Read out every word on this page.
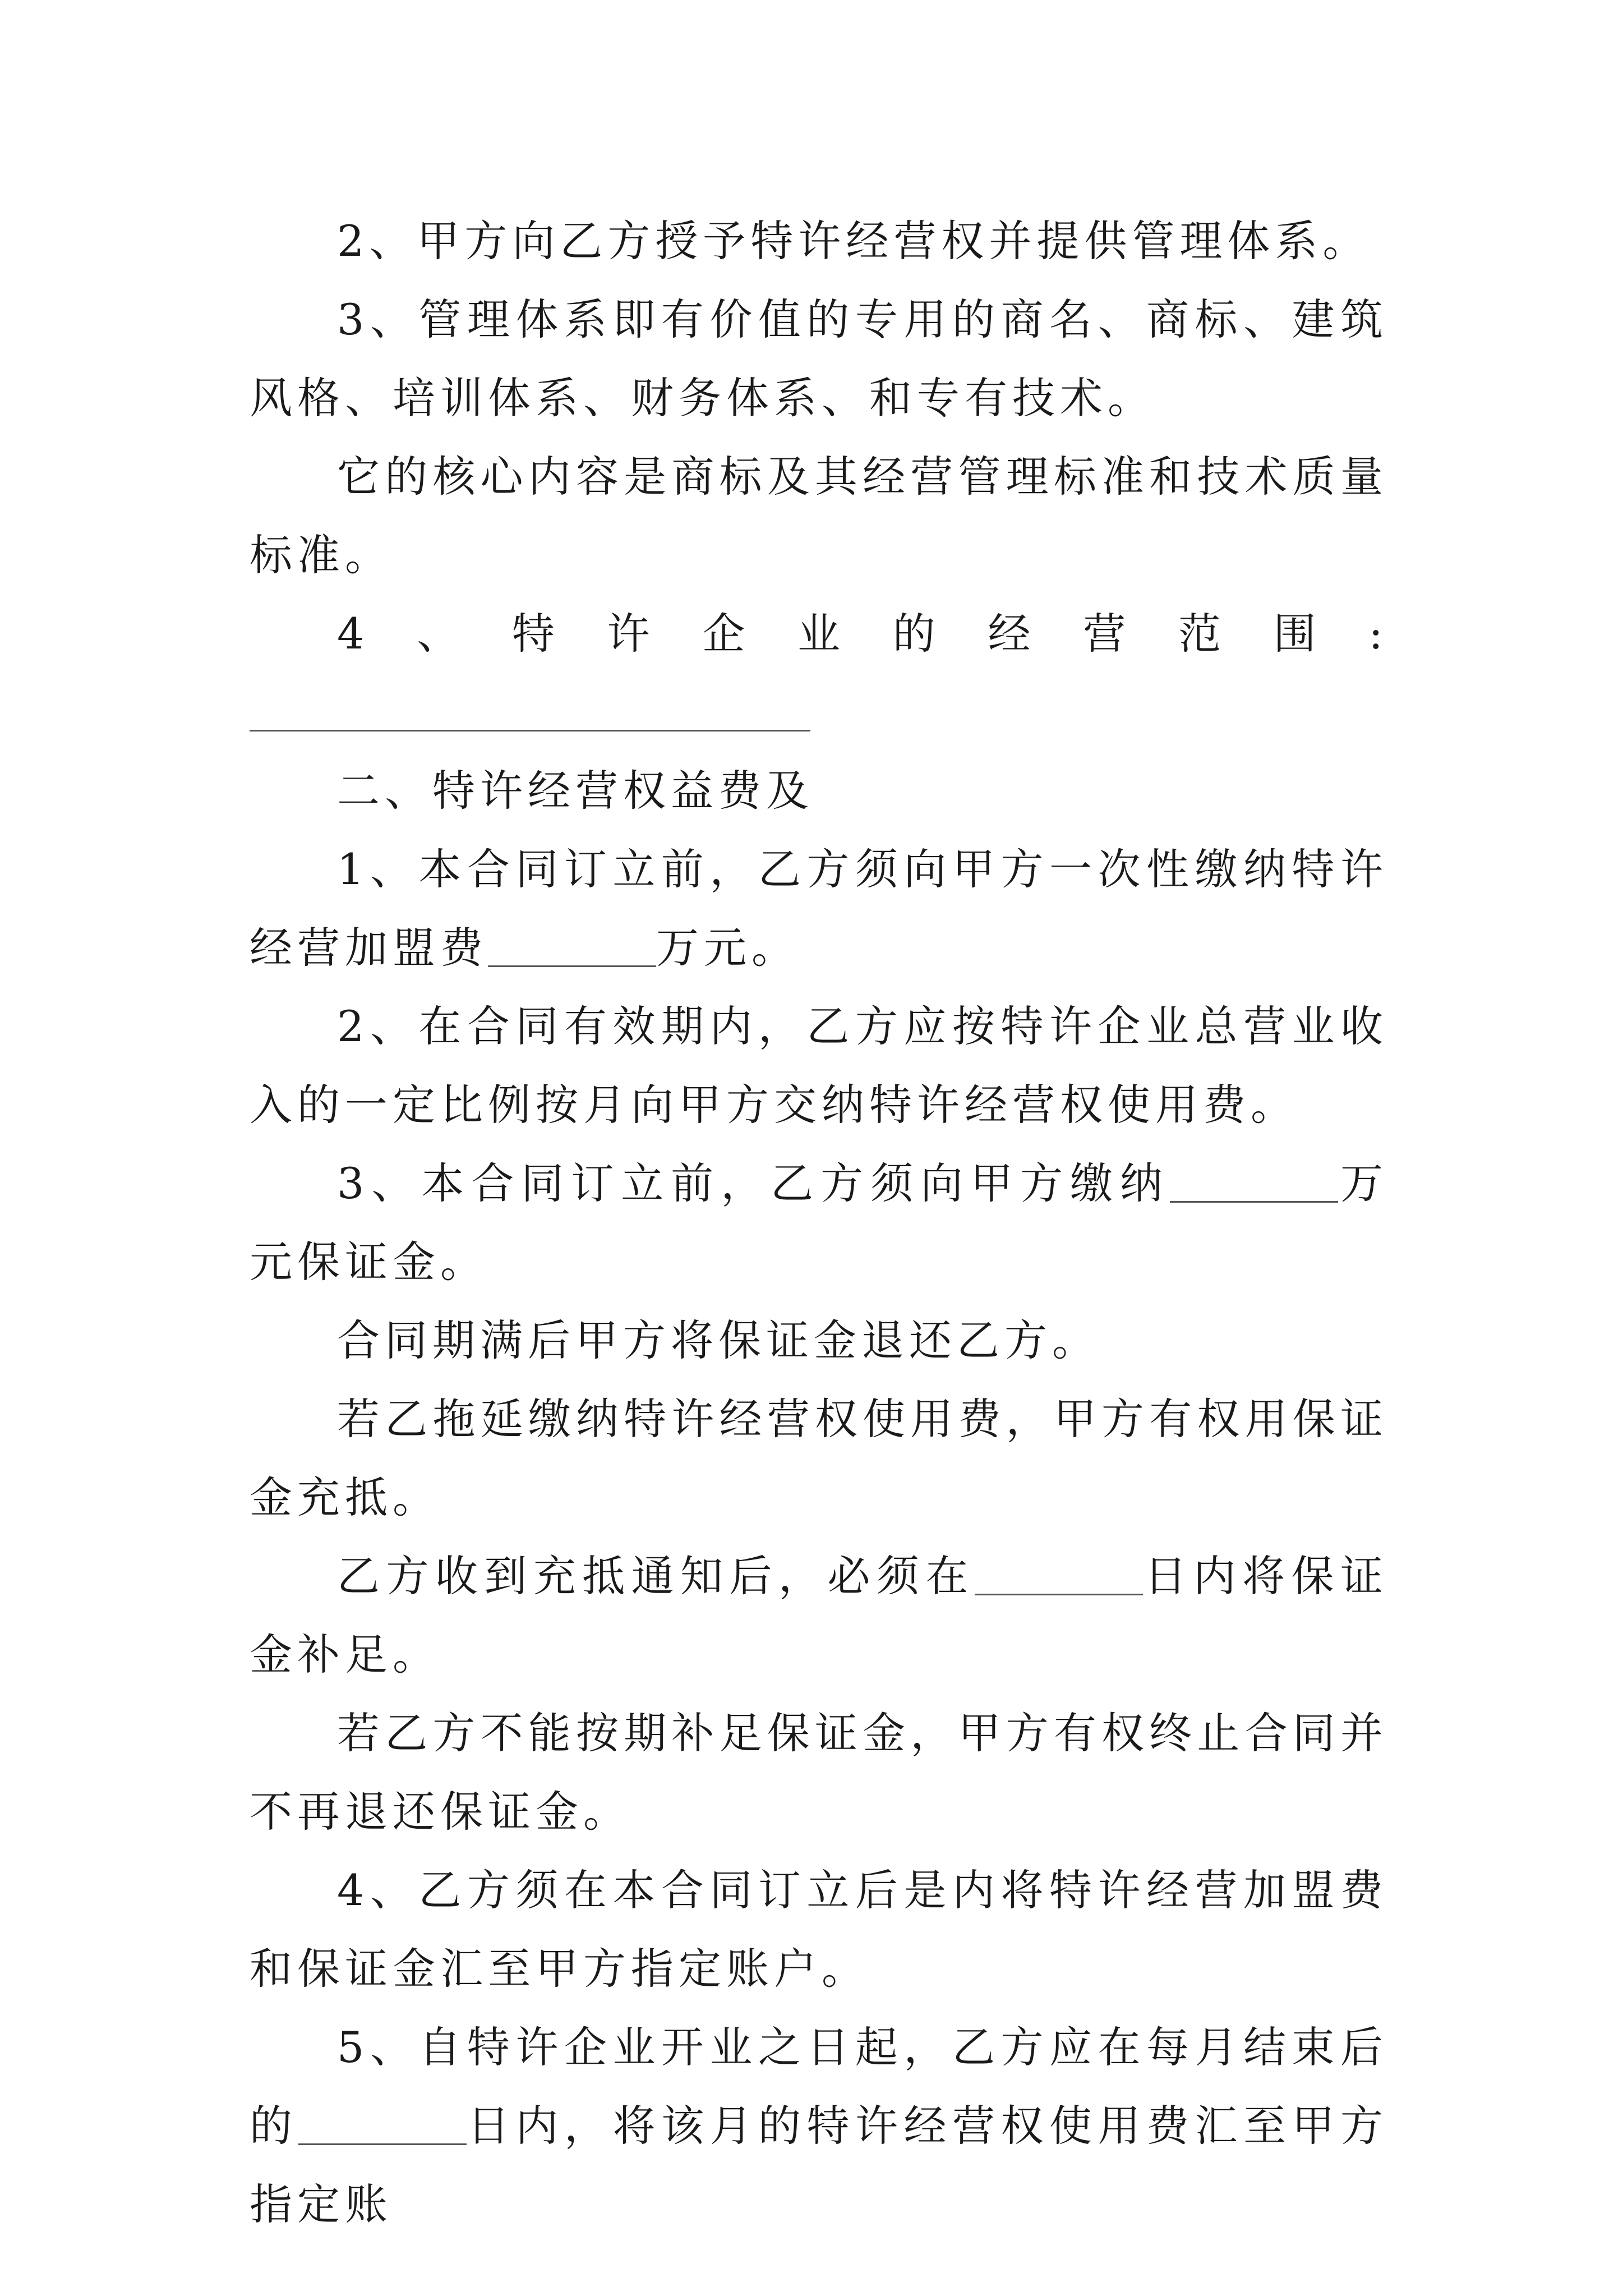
2、甲方向乙方授予特许经营权并提供管理体系。

3、管理体系即有价值的专用的商名、商标、建筑风格、培训体系、财务体系、和专有技术。

它的核心内容是商标及其经营管理标准和技术质量标准。

4、特许企业的经营范围:

二、特许经营权益费及

1、本合同订立前，乙方须向甲方一次性缴纳特许经营加盟费	万元。

2、在合同有效期内，乙方应按特许企业总营业收入的一定比例按月向甲方交纳特许经营权使用费。

3、本合同订立前，乙方须向甲方缴纳	万元保证金。

合同期满后甲方将保证金退还乙方。

若乙拖延缴纳特许经营权使用费，甲方有权用保证金充抵。

乙方收到充抵通知后，必须在	日内将保证金补足。

若乙方不能按期补足保证金，甲方有权终止合同并不再退还保证金。

4、乙方须在本合同订立后是内将特许经营加盟费和保证金汇至甲方指定账户。

5、自特许企业开业之日起，乙方应在每月结束后的	日内，将该月的特许经营权使用费汇至甲方指定账
